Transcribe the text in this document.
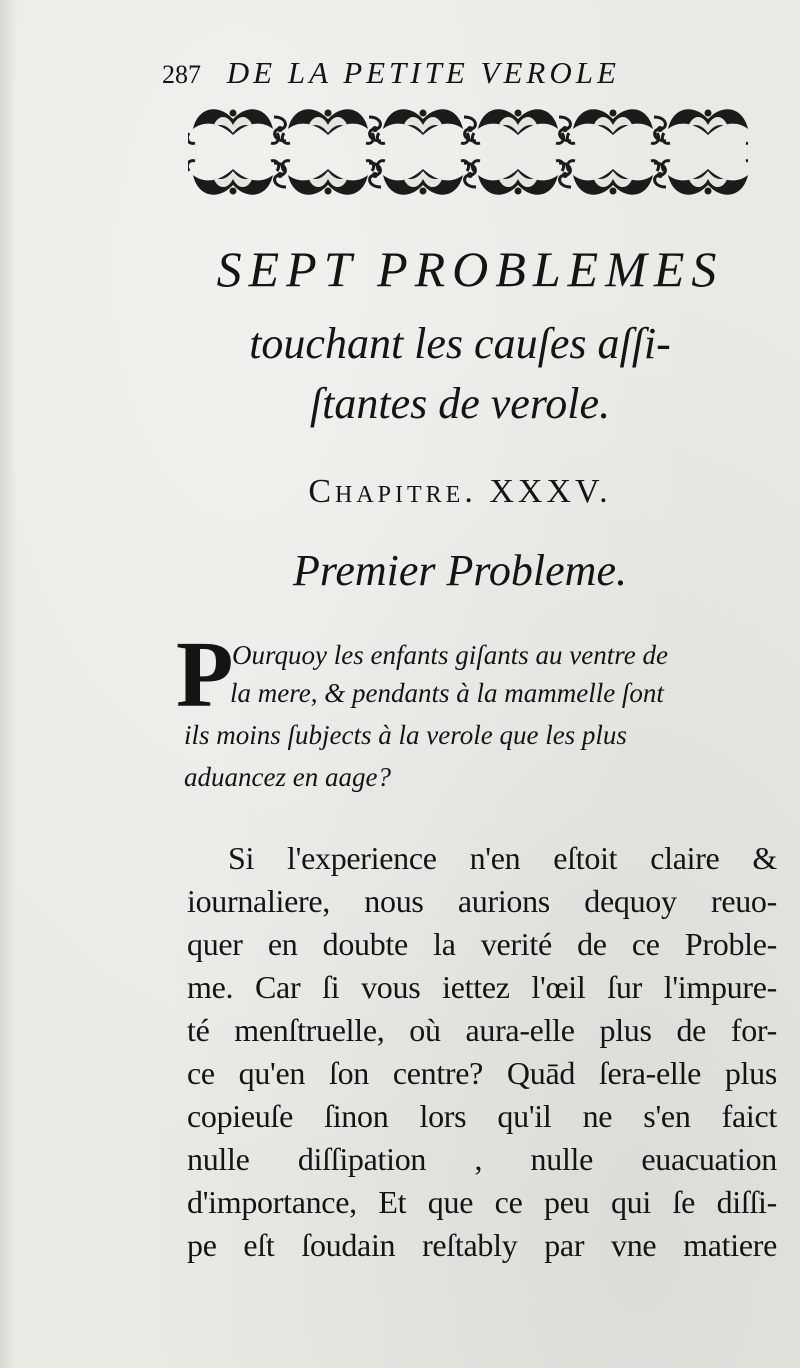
287 DE LA PETITE VEROLE
SEPT PROBLEMES
touchant les cauſes aſſi-
ſtantes de verole.
Chapitre. XXXV.
Premier Probleme.
P
Ourquoy les enfants giſants au ventre de
la mere, & pendants à la mammelle ſont
ils moins ſubjects à la verole que les plus
aduancez en aage?
Si l'experience n'en eſtoit claire &
iournaliere, nous aurions dequoy reuo-
quer en doubte la verité de ce Proble-
me. Car ſi vous iettez l'œil ſur l'impure-
té menſtruelle, où aura-elle plus de for-
ce qu'en ſon centre? Quād ſera-elle plus
copieuſe ſinon lors qu'il ne s'en faict
nulle diſſipation , nulle euacuation
d'importance, Et que ce peu qui ſe diſſi-
pe eſt ſoudain reſtably par vne matiere
